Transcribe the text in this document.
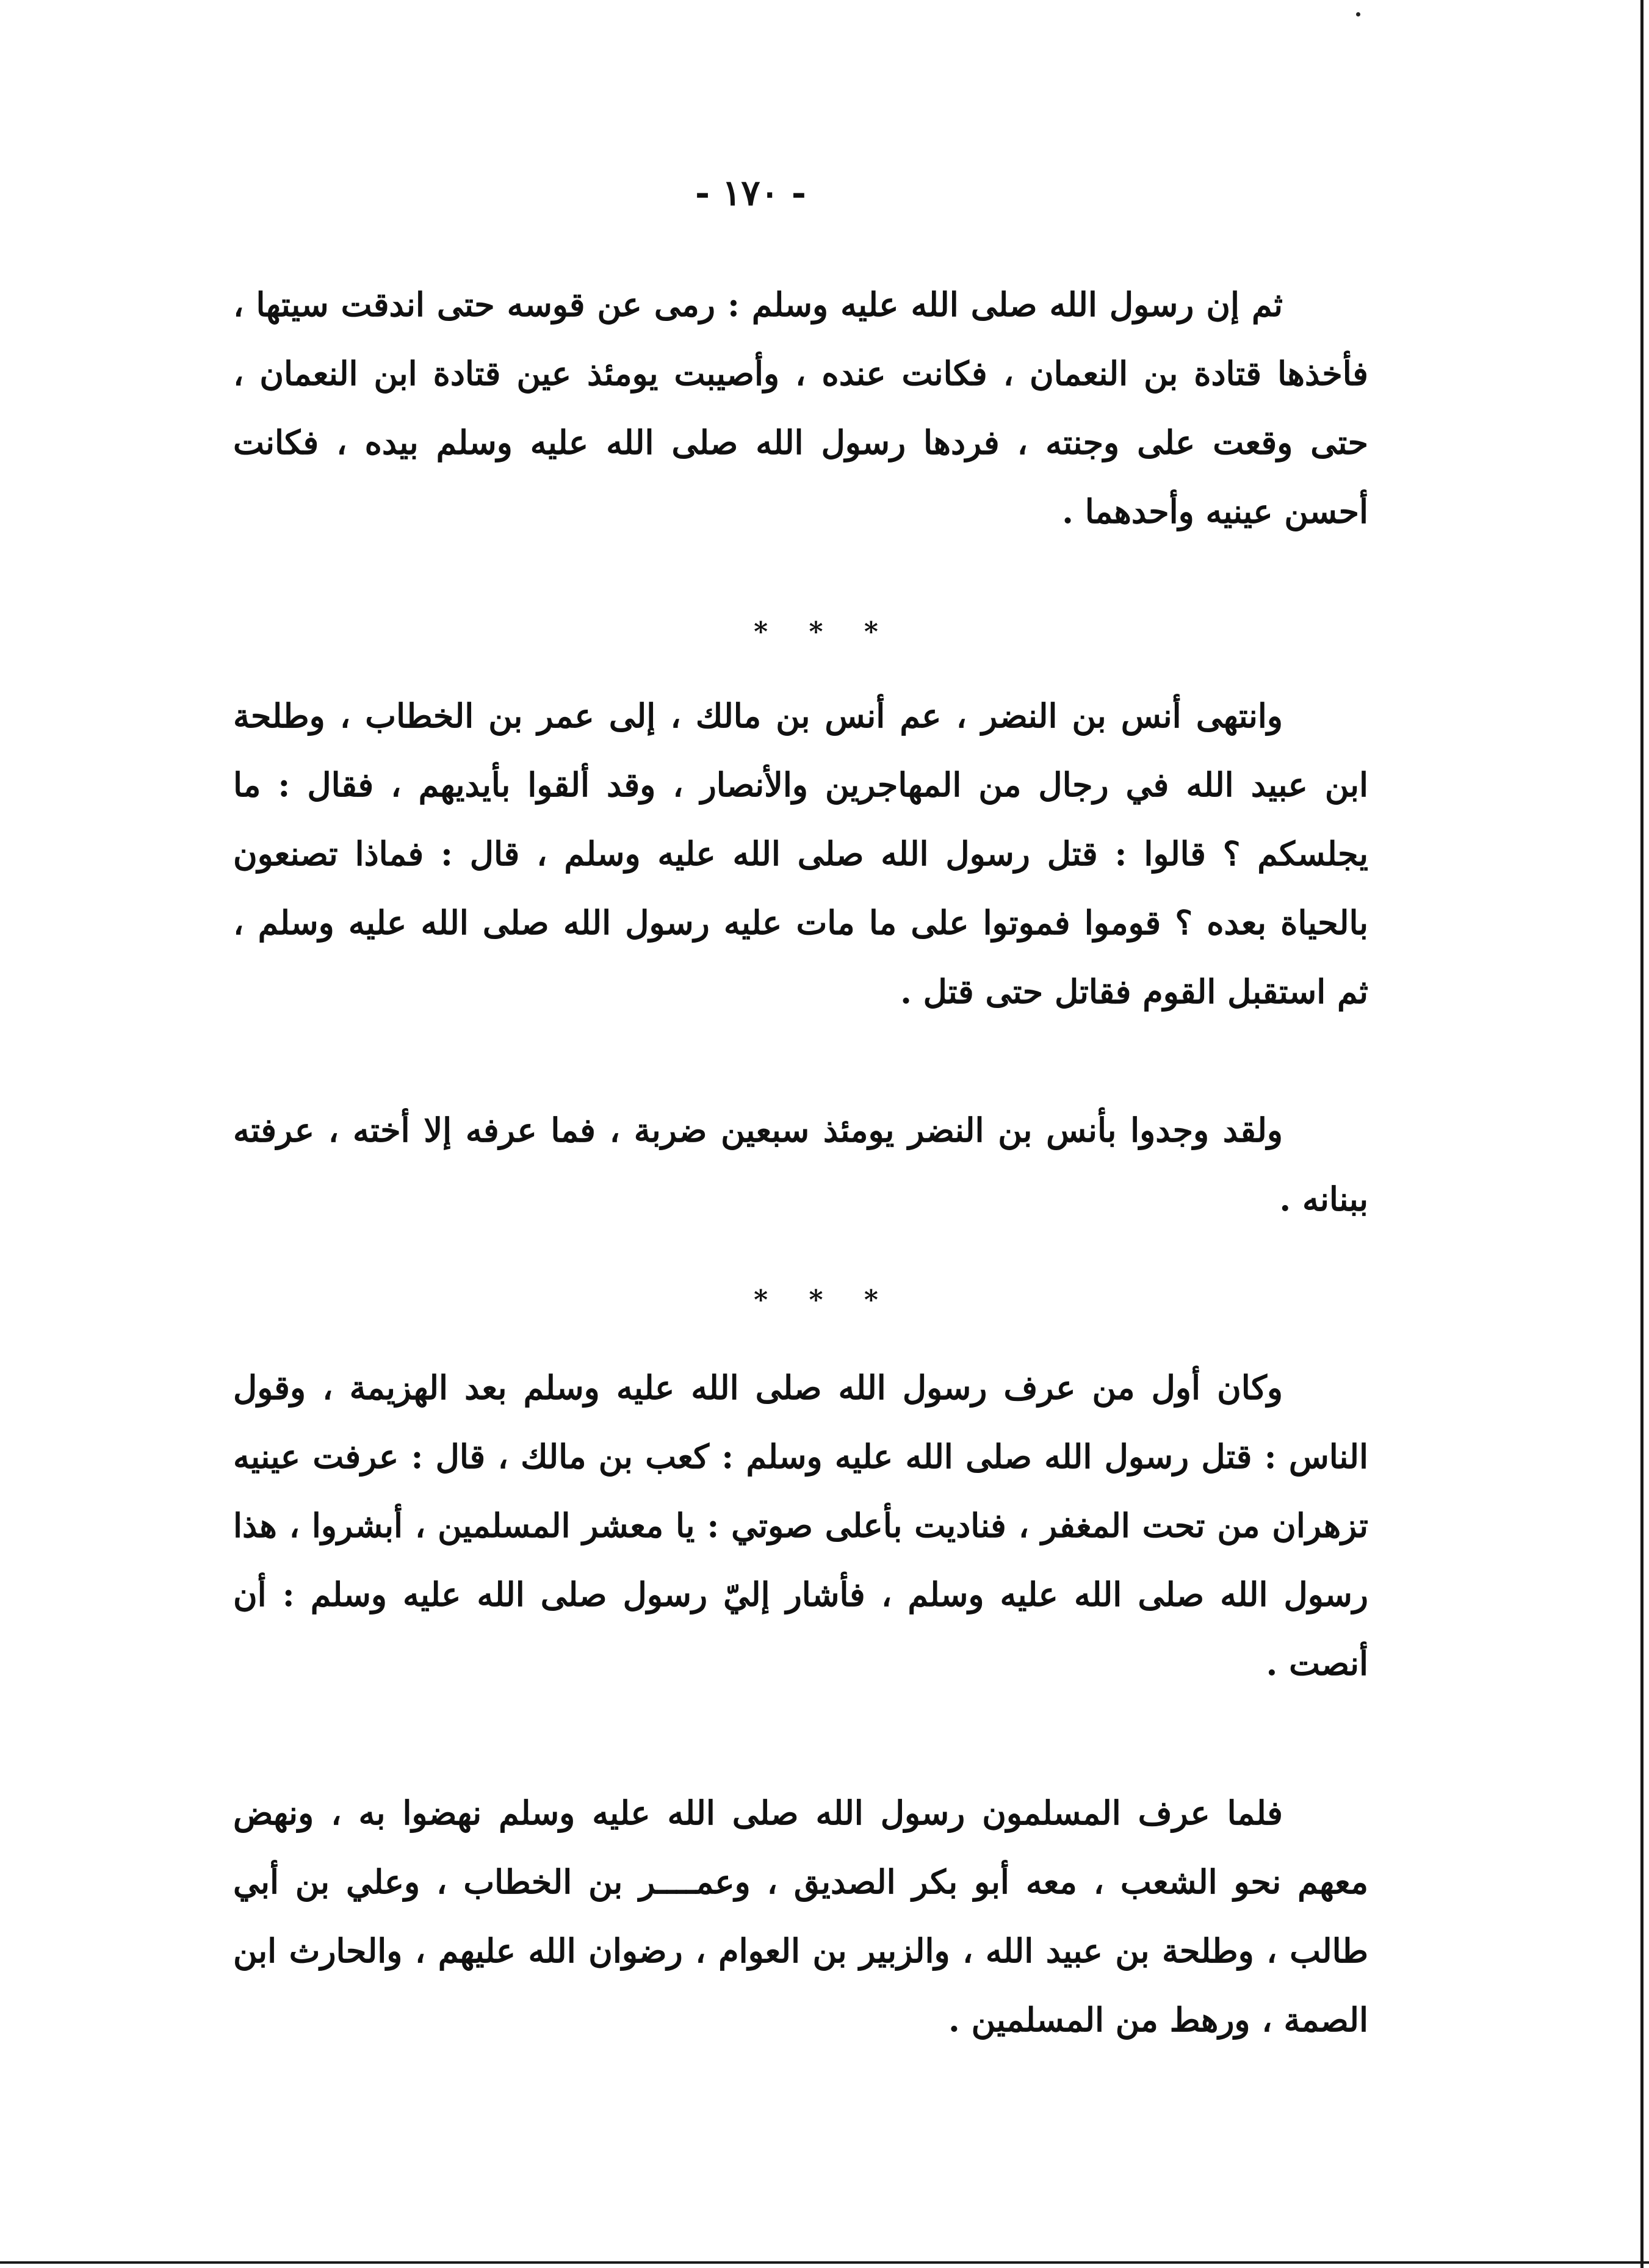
- ١٧٠ -

ثم إن رسول الله صلى الله عليه وسلم : رمى عن قوسه حتى اندقت سيتها ، فأخذها قتادة بن النعمان ، فكانت عنده ، وأصيبت يومئذ عين قتادة ابن النعمان ، حتى وقعت على وجنته ، فردها رسول الله صلى الله عليه وسلم بيده ، فكانت أحسن عينيه وأحدهما .

* * *

وانتهى أنس بن النضر ، عم أنس بن مالك ، إلى عمر بن الخطاب ، وطلحة ابن عبيد الله في رجال من المهاجرين والأنصار ، وقد ألقوا بأيديهم ، فقال : ما يجلسكم ؟ قالوا : قتل رسول الله صلى الله عليه وسلم ، قال : فماذا تصنعون بالحياة بعده ؟ قوموا فموتوا على ما مات عليه رسول الله صلى الله عليه وسلم ، ثم استقبل القوم فقاتل حتى قتل .

ولقد وجدوا بأنس بن النضر يومئذ سبعين ضربة ، فما عرفه إلا أخته ، عرفته ببنانه .

* * *

وكان أول من عرف رسول الله صلى الله عليه وسلم بعد الهزيمة ، وقول الناس : قتل رسول الله صلى الله عليه وسلم : كعب بن مالك ، قال : عرفت عينيه تزهران من تحت المغفر ، فناديت بأعلى صوتي : يا معشر المسلمين ، أبشروا ، هذا رسول الله صلى الله عليه وسلم ، فأشار إليّ رسول صلى الله عليه وسلم : أن أنصت .

فلما عرف المسلمون رسول الله صلى الله عليه وسلم نهضوا به ، ونهض معهم نحو الشعب ، معه أبو بكر الصديق ، وعمــــر بن الخطاب ، وعلي بن أبي طالب ، وطلحة بن عبيد الله ، والزبير بن العوام ، رضوان الله عليهم ، والحارث ابن الصمة ، ورهط من المسلمين .
